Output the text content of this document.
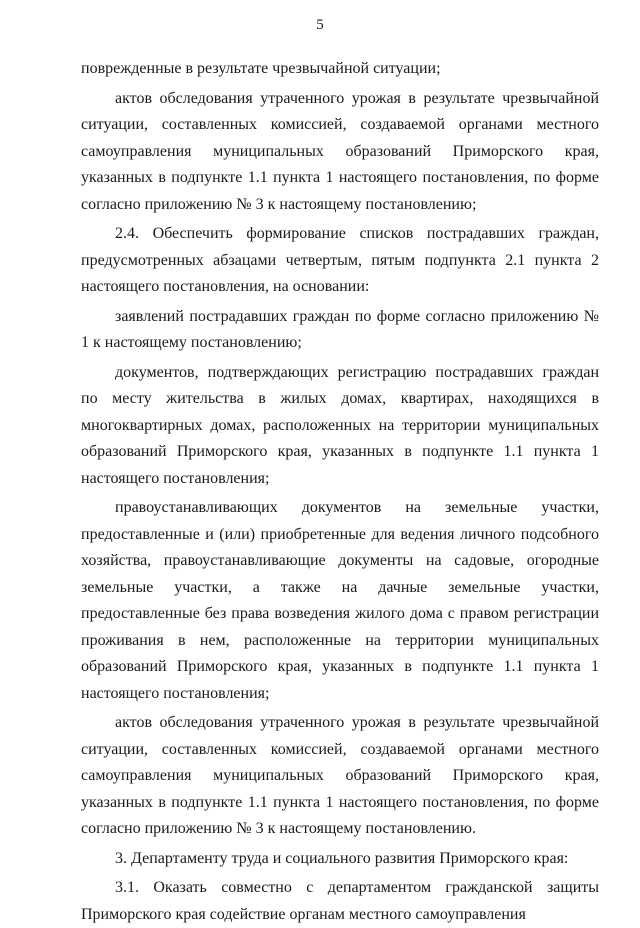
5

поврежденные в результате чрезвычайной ситуации;

актов обследования утраченного урожая в результате чрезвычайной ситуации, составленных комиссией, создаваемой органами местного самоуправления муниципальных образований Приморского края, указанных в подпункте 1.1 пункта 1 настоящего постановления, по форме согласно приложению № 3 к настоящему постановлению;

2.4. Обеспечить формирование списков пострадавших граждан, предусмотренных абзацами четвертым, пятым подпункта 2.1 пункта 2 настоящего постановления, на основании:

заявлений пострадавших граждан по форме согласно приложению № 1 к настоящему постановлению;

документов, подтверждающих регистрацию пострадавших граждан по месту жительства в жилых домах, квартирах, находящихся в многоквартирных домах, расположенных на территории муниципальных образований Приморского края, указанных в подпункте 1.1 пункта 1 настоящего постановления;

правоустанавливающих документов на земельные участки, предоставленные и (или) приобретенные для ведения личного подсобного хозяйства, правоустанавливающие документы на садовые, огородные земельные участки, а также на дачные земельные участки, предоставленные без права возведения жилого дома с правом регистрации проживания в нем, расположенные на территории муниципальных образований Приморского края, указанных в подпункте 1.1 пункта 1 настоящего постановления;

актов обследования утраченного урожая в результате чрезвычайной ситуации, составленных комиссией, создаваемой органами местного самоуправления муниципальных образований Приморского края, указанных в подпункте 1.1 пункта 1 настоящего постановления, по форме согласно приложению № 3 к настоящему постановлению.

3. Департаменту труда и социального развития Приморского края:

3.1. Оказать совместно с департаментом гражданской защиты Приморского края содействие органам местного самоуправления
